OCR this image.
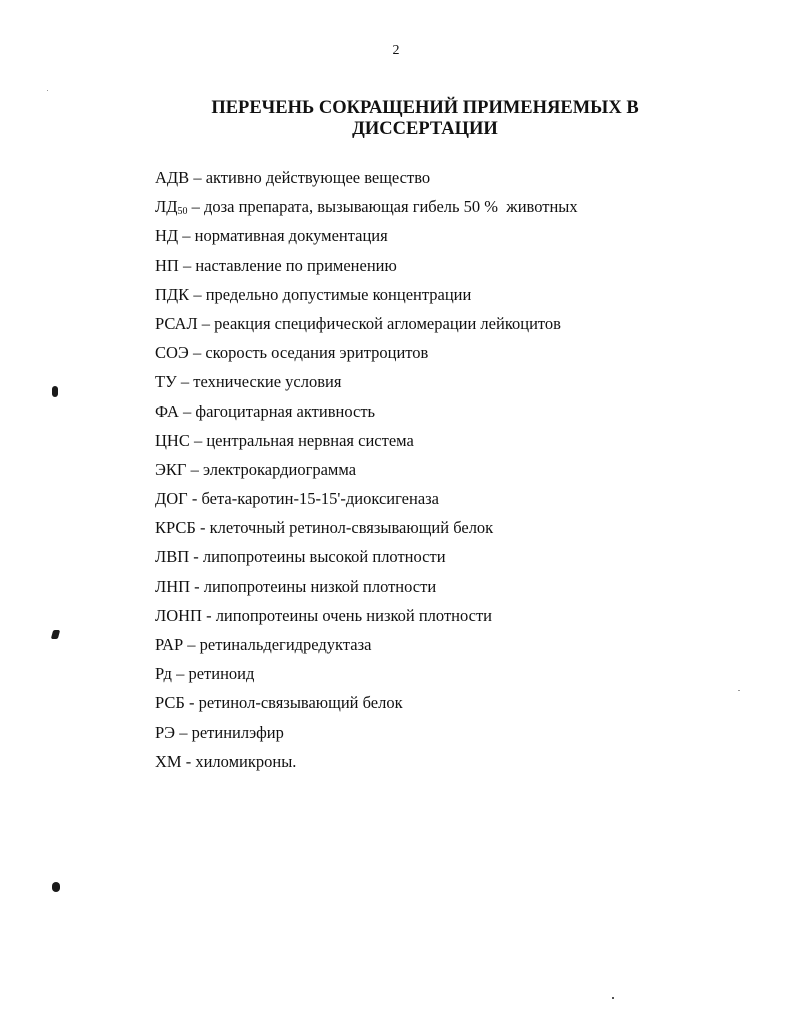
2
ПЕРЕЧЕНЬ СОКРАЩЕНИЙ ПРИМЕНЯЕМЫХ В ДИССЕРТАЦИИ
АДВ – активно действующее вещество
$ЛД_{50}$ – доза препарата, вызывающая гибель 50 %  животных
НД – нормативная документация
НП – наставление по применению
ПДК – предельно допустимые концентрации
РСАЛ – реакция специфической агломерации лейкоцитов
СОЭ – скорость оседания эритроцитов
ТУ – технические условия
ФА – фагоцитарная активность
ЦНС – центральная нервная система
ЭКГ – электрокардиограмма
ДОГ - бета-каротин-15-15'-диоксигеназа
КРСБ - клеточный ретинол-связывающий белок
ЛВП - липопротеины высокой плотности
ЛНП - липопротеины низкой плотности
ЛОНП - липопротеины очень низкой плотности
РАР – ретинальдегидредуктаза
Рд – ретиноид
РСБ - ретинол-связывающий белок
РЭ – ретинилэфир
ХМ - хиломикроны.
